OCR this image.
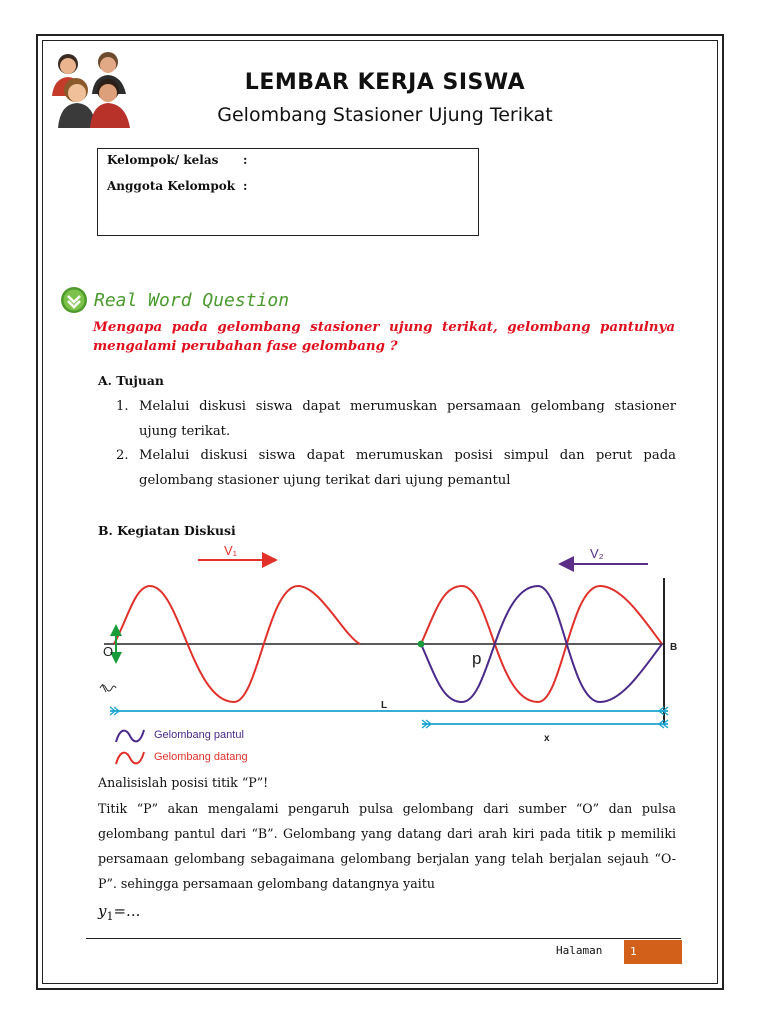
LEMBAR KERJA SISWA
Gelombang Stasioner Ujung Terikat
Kelompok/ kelas :
Anggota Kelompok :
Real Word Question
Mengapa pada gelombang stasioner ujung terikat, gelombang pantulnya mengalami perubahan fase gelombang ?
A. Tujuan
1. Melalui diskusi siswa dapat merumuskan persamaan gelombang stasioner ujung terikat.
2. Melalui diskusi siswa dapat merumuskan posisi simpul dan perut pada gelombang stasioner ujung terikat dari ujung pemantul
B. Kegiatan Diskusi
V₁	V₂
B
O	p
L
x
Gelombang pantul
Gelombang datang
Analisislah posisi titik “P”!
Titik “P” akan mengalami pengaruh pulsa gelombang dari sumber “O” dan pulsa gelombang pantul dari “B”. Gelombang yang datang dari arah kiri pada titik p memiliki persamaan gelombang sebagaimana gelombang berjalan yang telah berjalan sejauh “O-P”. sehingga persamaan gelombang datangnya yaitu
$y_1=$...
Halaman	1
